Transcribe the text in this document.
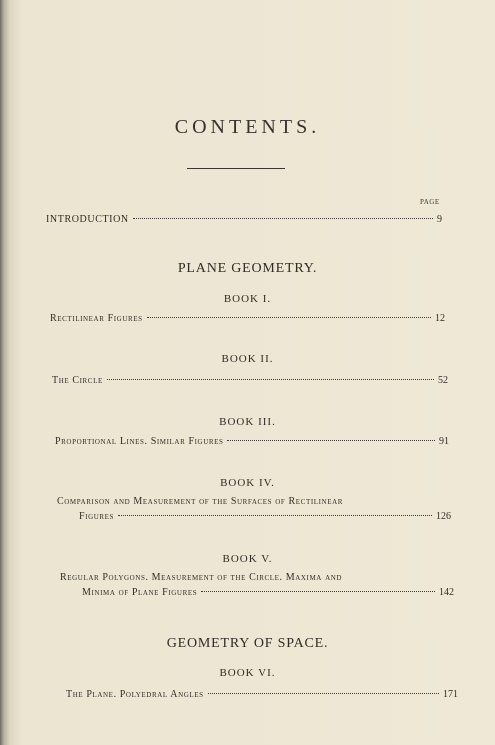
CONTENTS.
PAGE
INTRODUCTION	9
PLANE GEOMETRY.
BOOK I.
Rectilinear Figures	12
BOOK II.
The Circle	52
BOOK III.
Proportional Lines. Similar Figures	91
BOOK IV.
Comparison and Measurement of the Surfaces of Rectilinear
Figures	126
BOOK V.
Regular Polygons. Measurement of the Circle. Maxima and
Minima of Plane Figures	142
GEOMETRY OF SPACE.
BOOK VI.
The Plane. Polyedral Angles	171
